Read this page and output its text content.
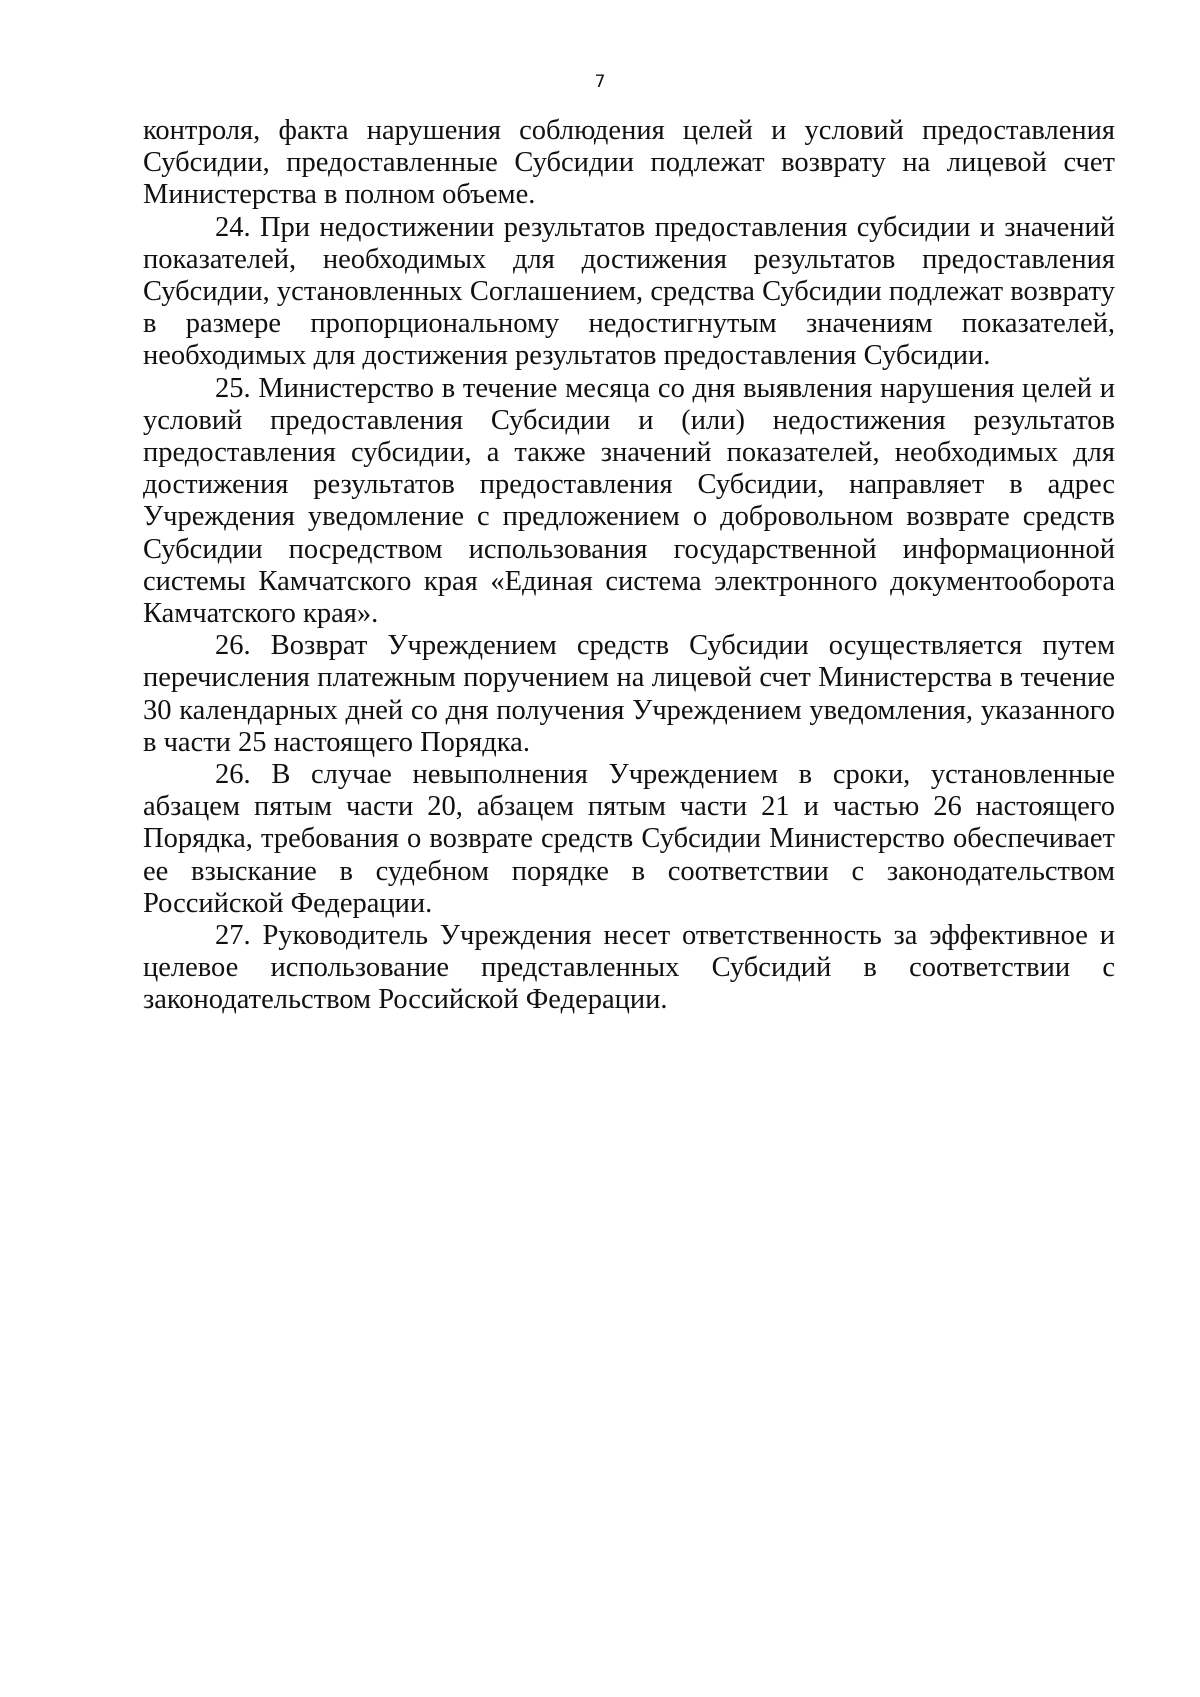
7

контроля, факта нарушения соблюдения целей и условий предоставления Субсидии, предоставленные Субсидии подлежат возврату на лицевой счет Министерства в полном объеме.

24. При недостижении результатов предоставления субсидии и значений показателей, необходимых для достижения результатов предоставления Субсидии, установленных Соглашением, средства Субсидии подлежат возврату в размере пропорциональному недостигнутым значениям показателей, необходимых для достижения результатов предоставления Субсидии.

25. Министерство в течение месяца со дня выявления нарушения целей и условий предоставления Субсидии и (или) недостижения результатов предоставления субсидии, а также значений показателей, необходимых для достижения результатов предоставления Субсидии, направляет в адрес Учреждения уведомление с предложением о добровольном возврате средств Субсидии посредством использования государственной информационной системы Камчатского края «Единая система электронного документооборота Камчатского края».

26. Возврат Учреждением средств Субсидии осуществляется путем перечисления платежным поручением на лицевой счет Министерства в течение 30 календарных дней со дня получения Учреждением уведомления, указанного в части 25 настоящего Порядка.

26. В случае невыполнения Учреждением в сроки, установленные абзацем пятым части 20, абзацем пятым части 21 и частью 26 настоящего Порядка, требования о возврате средств Субсидии Министерство обеспечивает ее взыскание в судебном порядке в соответствии с законодательством Российской Федерации.

27. Руководитель Учреждения несет ответственность за эффективное и целевое использование представленных Субсидий в соответствии с законодательством Российской Федерации.
